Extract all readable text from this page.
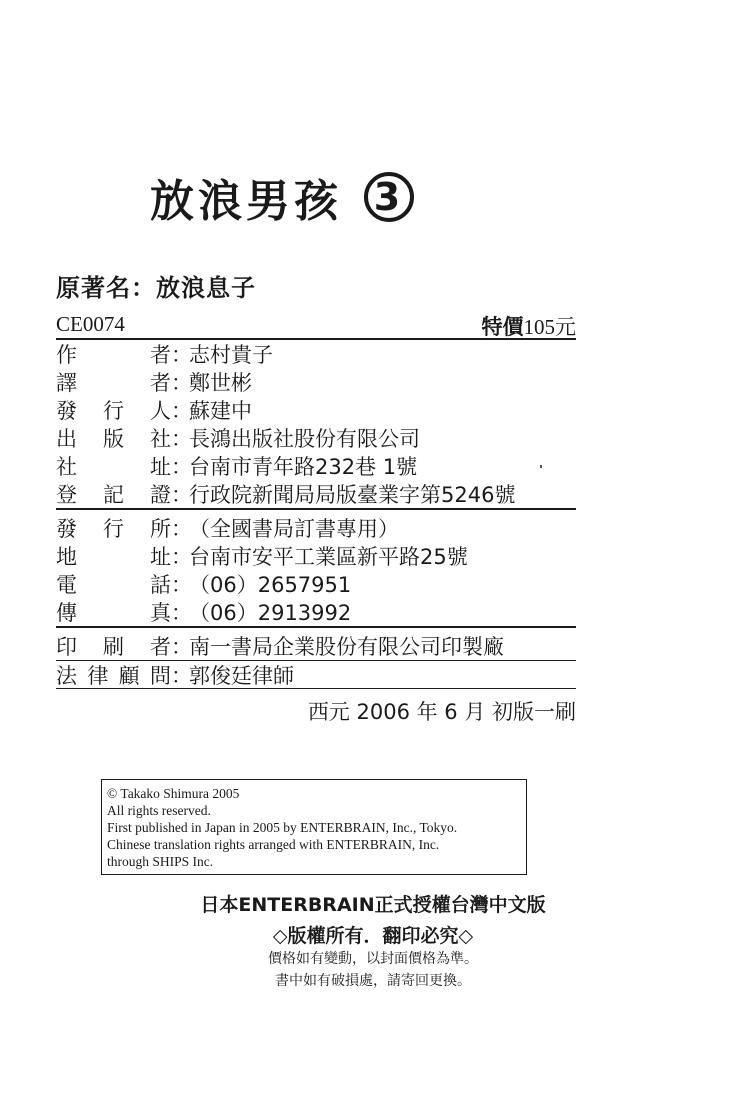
放浪男孩 3
原著名：放浪息子
CE0074	特價105元
作	者 ：
志村貴子
譯	者 ：
鄭世彬
發 行 人 ：
蘇建中
出 版 社 ：
長鴻出版社股份有限公司
社	址 ：
台南市青年路232巷 1號
登 記 證 ：
行政院新聞局局版臺業字第5246號
發 行 所 ：
（全國書局訂書專用）
地	址 ：
台南市安平工業區新平路25號
電	話 ：
（06）2657951
傳	真 ：
（06）2913992
印 刷 者 ：
南一書局企業股份有限公司印製廠
法 律 顧 問 ：
郭俊廷律師
西元 2006 年 6 月 初版一刷
© Takako Shimura 2005
All rights reserved.
First published in Japan in 2005 by ENTERBRAIN, Inc., Tokyo.
Chinese translation rights arranged with ENTERBRAIN, Inc.
through SHIPS Inc.
日本ENTERBRAIN正式授權台灣中文版
◇版權所有．翻印必究◇
價格如有變動，以封面價格為準。
書中如有破損處，請寄回更換。
